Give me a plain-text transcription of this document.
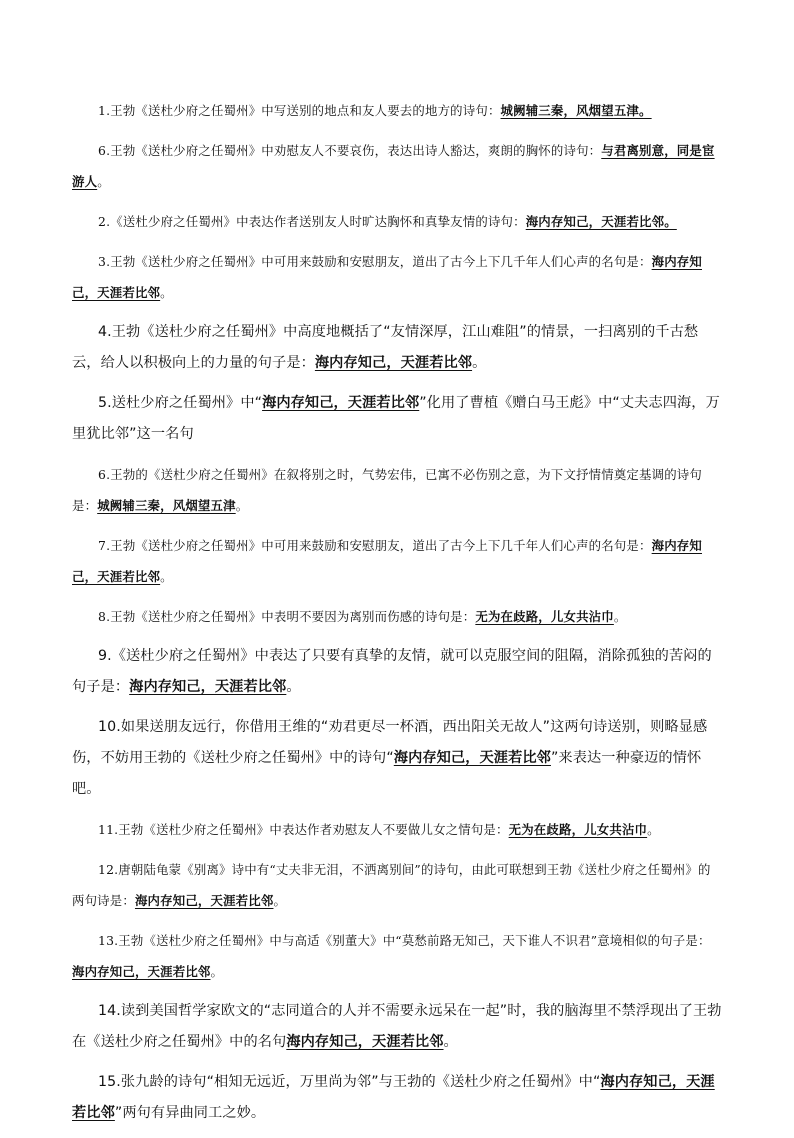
1.王勃《送杜少府之任蜀州》中写送别的地点和友人要去的地方的诗句：城阙辅三秦，风烟望五津。

6.王勃《送杜少府之任蜀州》中劝慰友人不要哀伤，表达出诗人豁达，爽朗的胸怀的诗句：与君离别意，同是宦游人。

2.《送杜少府之任蜀州》中表达作者送别友人时旷达胸怀和真挚友情的诗句：海内存知己，天涯若比邻。

3.王勃《送杜少府之任蜀州》中可用来鼓励和安慰朋友，道出了古今上下几千年人们心声的名句是：海内存知己，天涯若比邻。

4.王勃《送杜少府之任蜀州》中高度地概括了“友情深厚，江山难阻”的情景，一扫离别的千古愁云，给人以积极向上的力量的句子是：海内存知己，天涯若比邻。

5.送杜少府之任蜀州》中“海内存知己，天涯若比邻”化用了曹植《赠白马王彪》中“丈夫志四海，万里犹比邻”这一名句

6.王勃的《送杜少府之任蜀州》在叙将别之时，气势宏伟，已寓不必伤别之意，为下文抒情情奠定基调的诗句是：城阙辅三秦，风烟望五津。

7.王勃《送杜少府之任蜀州》中可用来鼓励和安慰朋友，道出了古今上下几千年人们心声的名句是：海内存知己，天涯若比邻。

8.王勃《送杜少府之任蜀州》中表明不要因为离别而伤感的诗句是：无为在歧路，儿女共沾巾。

9.《送杜少府之任蜀州》中表达了只要有真挚的友情，就可以克服空间的阻隔，消除孤独的苦闷的句子是：海内存知己，天涯若比邻。

10.如果送朋友远行，你借用王维的“劝君更尽一杯酒，西出阳关无故人”这两句诗送别，则略显感伤，不妨用王勃的《送杜少府之任蜀州》中的诗句“海内存知己，天涯若比邻”来表达一种豪迈的情怀吧。

11.王勃《送杜少府之任蜀州》中表达作者劝慰友人不要做儿女之情句是：无为在歧路，儿女共沾巾。

12.唐朝陆龟蒙《别离》诗中有“丈夫非无泪，不洒离别间”的诗句，由此可联想到王勃《送杜少府之任蜀州》的两句诗是：海内存知己，天涯若比邻。

13.王勃《送杜少府之任蜀州》中与高适《别董大》中“莫愁前路无知己，天下谁人不识君”意境相似的句子是：海内存知己，天涯若比邻。

14.读到美国哲学家欧文的“志同道合的人并不需要永远呆在一起”时，我的脑海里不禁浮现出了王勃在《送杜少府之任蜀州》中的名句海内存知己，天涯若比邻。

15.张九龄的诗句“相知无远近，万里尚为邻”与王勃的《送杜少府之任蜀州》中“海内存知己，天涯若比邻”两句有异曲同工之妙。
